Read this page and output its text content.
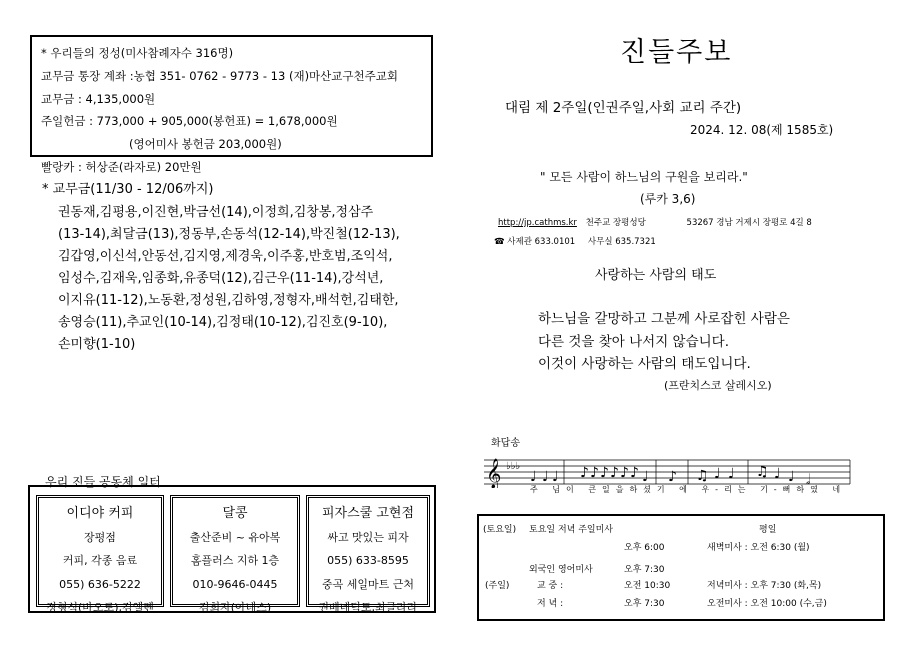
* 우리들의 정성(미사참례자수 316명)
교무금 통장 계좌 :농협 351- 0762 - 9773 - 13 (재)마산교구천주교회
교무금 : 4,135,000원
주일헌금 : 773,000 + 905,000(봉헌표) = 1,678,000원
(영어미사 봉헌금 203,000원)
빨랑카 : 허상준(라자로) 20만원
* 교무금(11/30 - 12/06까지)
권동재,김평용,이진현,박금선(14),이정희,김창봉,정삼주
(13-14),최달금(13),정동부,손동석(12-14),박진철(12-13),
김갑영,이신석,안동선,김지영,제경욱,이주홍,반호범,조익석,
임성수,김재욱,임종화,유종덕(12),김근우(11-14),강석년,
이지유(11-12),노동환,정성원,김하영,정형자,배석헌,김태한,
송영승(11),추교인(10-14),김정태(10-12),김진호(9-10),
손미향(1-10)
우리 진들 공동체 일터
이디야 커피
장평점
커피, 각종 음료
055) 636-5222
정형식(바오로),김옐렌
달콩
출산준비 ~ 유아복
홈플러스 지하 1층
010-9646-0445
김희자(아녜스)
피자스쿨 고현점
싸고 맛있는 피자
055) 633-8595
중곡 세일마트 근처
권베네딕토,최글라라
진들주보
대림 제 2주일(인권주일,사회 교리 주간)
2024. 12. 08(제 1585호)
" 모든 사람이 하느님의 구원을 보리라."
(루카 3,6)
http://jp.cathms.kr 천주교 장평성당	53267 경남 거제시 장평로 4길 8
☎ 사제관 633.0101 사무실 635.7321
사랑하는 사람의 태도
하느님을 갈망하고 그분께 사로잡힌 사람은
다른 것을 찾아 나서지 않습니다.
이것이 사랑하는 사람의 태도입니다.
(프란치스코 살레시오)
화답송
𝄞 ♭♭♭
♩ ♩ ♩ ♪ ♪ ♪ ♪ ♪ ♪ ♩ ♪ ♫ ♩ ♩ ♫ ♩ ♩ 𝅗𝅥
주 님이 큰일을하셨기 에 우-리는 기-뻐하였 네
(토요일) 토요일 저녁 주일미사	평일
오후 6:00	새벽미사 : 오전 6:30 (월)
외국인 영어미사	오후 7:30
(주일)	교 중 :	오전 10:30	저녁미사 : 오후 7:30 (화,목)
저 녁 :	오후 7:30	오전미사 : 오전 10:00 (수,금)
